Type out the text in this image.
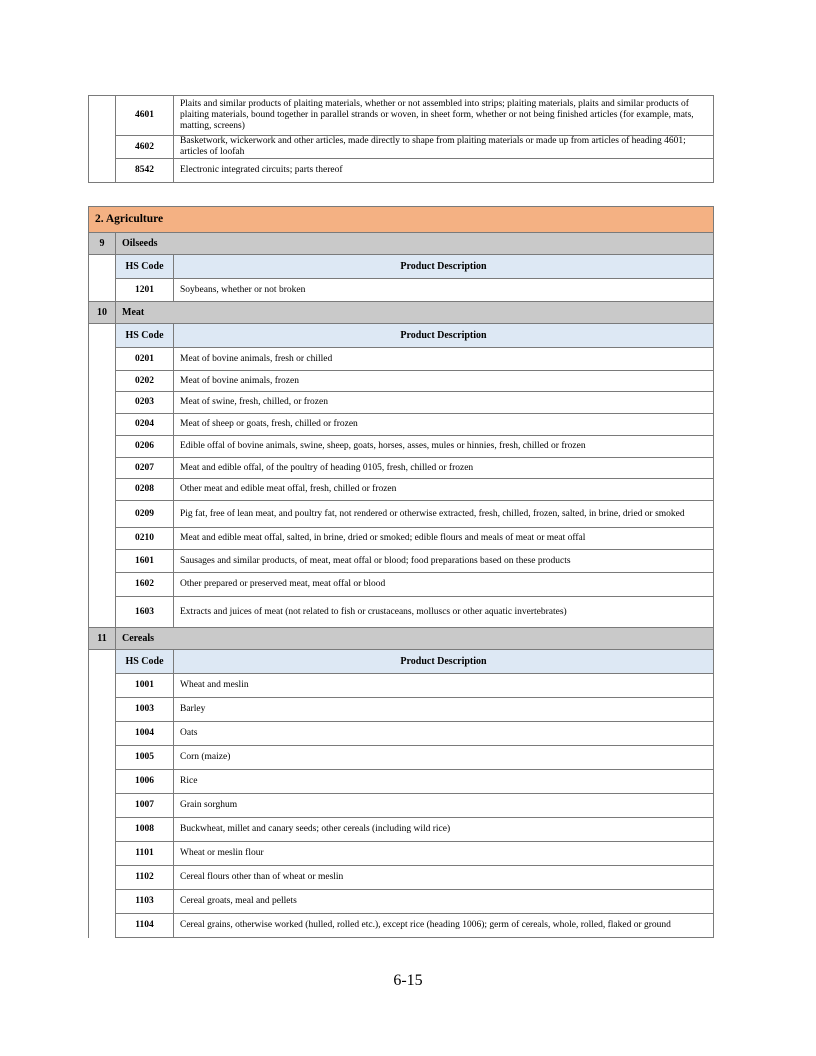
	4601	Plaits and similar products of plaiting materials, whether or not assembled into strips; plaiting materials, plaits and similar products of plaiting materials, bound together in parallel strands or woven, in sheet form, whether or not being finished articles (for example, mats, matting, screens)
	4602	Basketwork, wickerwork and other articles, made directly to shape from plaiting materials or made up from articles of heading 4601; articles of loofah
	8542	Electronic integrated circuits; parts thereof
2. Agriculture		
9	Oilseeds	
	HS Code	Product Description
	1201	Soybeans, whether or not broken
10	Meat	
	HS Code	Product Description
	0201	Meat of bovine animals, fresh or chilled
	0202	Meat of bovine animals, frozen
	0203	Meat of swine, fresh, chilled, or frozen
	0204	Meat of sheep or goats, fresh, chilled or frozen
	0206	Edible offal of bovine animals, swine, sheep, goats, horses, asses, mules or hinnies, fresh, chilled or frozen
	0207	Meat and edible offal, of the poultry of heading 0105, fresh, chilled or frozen
	0208	Other meat and edible meat offal, fresh, chilled or frozen
	0209	Pig fat, free of lean meat, and poultry fat, not rendered or otherwise extracted, fresh, chilled, frozen, salted, in brine, dried or smoked
	0210	Meat and edible meat offal, salted, in brine, dried or smoked; edible flours and meals of meat or meat offal
	1601	Sausages and similar products, of meat, meat offal or blood; food preparations based on these products
	1602	Other prepared or preserved meat, meat offal or blood
	1603	Extracts and juices of meat (not related to fish or crustaceans, molluscs or other aquatic invertebrates)
11	Cereals	
	HS Code	Product Description
	1001	Wheat and meslin
	1003	Barley
	1004	Oats
	1005	Corn (maize)
	1006	Rice
	1007	Grain sorghum
	1008	Buckwheat, millet and canary seeds; other cereals (including wild rice)
	1101	Wheat or meslin flour
	1102	Cereal flours other than of wheat or meslin
	1103	Cereal groats, meal and pellets
	1104	Cereal grains, otherwise worked (hulled, rolled etc.), except rice (heading 1006); germ of cereals, whole, rolled, flaked or ground
6-15
